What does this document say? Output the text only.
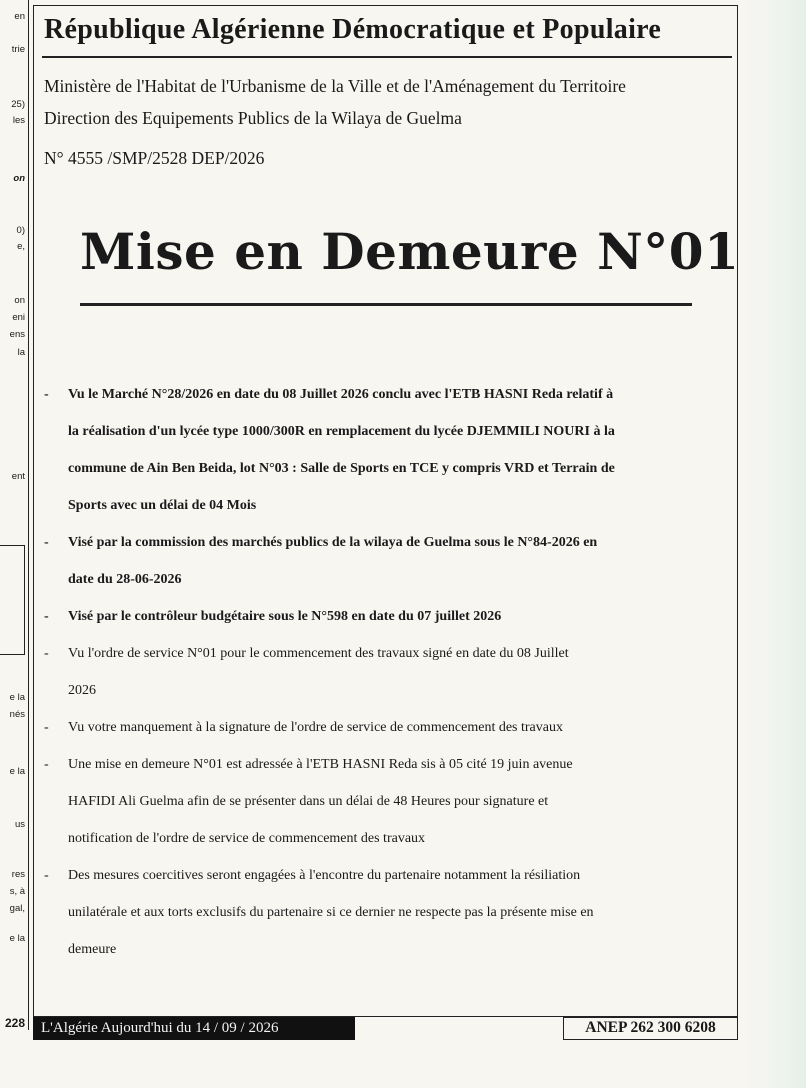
en
trie
25)
les
on
0)
e,
on
eni
ens
la
ent
e la
nés
e la
us
res
s, à
gal,
e la
228
République Algérienne Démocratique et Populaire
Ministère de l'Habitat de l'Urbanisme de la Ville et de l'Aménagement du Territoire
Direction des Equipements Publics de la Wilaya de Guelma
N° 4555 /SMP/2528 DEP/2026
Mise en Demeure N°01
- Vu le Marché N°28/2026 en date du 08 Juillet 2026 conclu avec l'ETB HASNI Reda relatif à
la réalisation d'un lycée type 1000/300R en remplacement du lycée DJEMMILI NOURI à la
commune de Ain Ben Beida, lot N°03 : Salle de Sports en TCE y compris VRD et Terrain de
Sports avec un délai de 04 Mois
- Visé par la commission des marchés publics de la wilaya de Guelma sous le N°84-2026 en
date du 28-06-2026
- Visé par le contrôleur budgétaire sous le N°598 en date du 07 juillet 2026
- Vu l'ordre de service N°01 pour le commencement des travaux signé en date du 08 Juillet
2026
- Vu votre manquement à la signature de l'ordre de service de commencement des travaux
- Une mise en demeure N°01 est adressée à l'ETB HASNI Reda sis à 05 cité 19 juin avenue
HAFIDI Ali Guelma afin de se présenter dans un délai de 48 Heures pour signature et
notification de l'ordre de service de commencement des travaux
- Des mesures coercitives seront engagées à l'encontre du partenaire notamment la résiliation
unilatérale et aux torts exclusifs du partenaire si ce dernier ne respecte pas la présente mise en
demeure
L'Algérie Aujourd'hui du 14 / 09 / 2026	ANEP 262 300 6208
